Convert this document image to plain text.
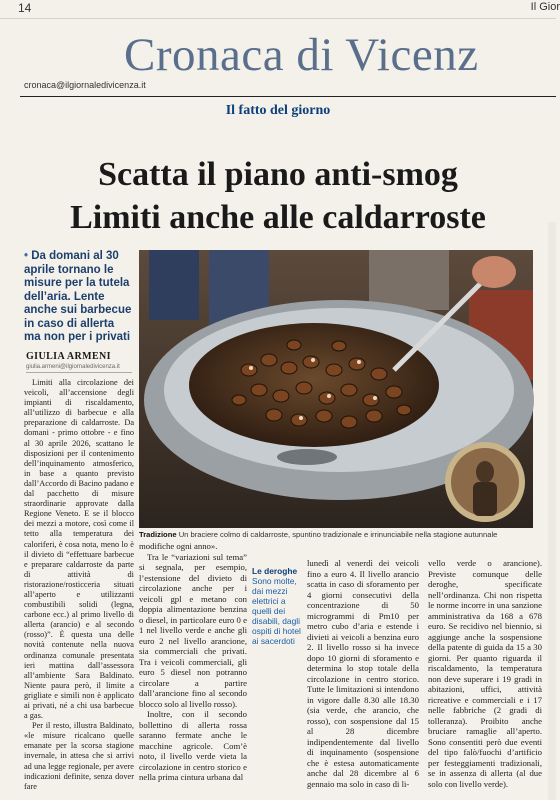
14	Il Gior
Cronaca di Vicenz
cronaca@ilgiornaledivicenza.it
Il fatto del giorno
Scatta il piano anti-smog
Limiti anche alle caldarroste
• Da domani al 30 aprile tornano le misure per la tutela dell’aria. Lente anche sui barbecue in caso di allerta ma non per i privati
GIULIA ARMENI
giulia.armeni@ilgiornaledivicenza.it

Limiti alla circolazione dei veicoli, all’accensione degli impianti di riscaldamento, all’utilizzo di barbecue e alla preparazione di caldarroste. Da domani - primo ottobre - e fino al 30 aprile 2026, scattano le disposizioni per il contenimento dell’inquinamento atmosferico, in base a quanto previsto dall’Accordo di Bacino padano e dal pacchetto di misure straordinarie approvate dalla Regione Veneto. E se il blocco dei mezzi a motore, così come il tetto alla temperatura dei caloriferi, è cosa nota, meno lo è il divieto di “effettuare barbecue e preparare caldarroste da parte di attività di ristorazione/rosticceria situati all’aperto e utilizzanti combustibili solidi (legna, carbone ecc.) al primo livello di allerta (arancio) e al secondo (rosso)”. È questa una delle novità contenute nella nuova ordinanza comunale presentata ieri mattina dall’assessora all’ambiente Sara Baldinato. Niente paura però, il limite a grigliate e simili non è applicato ai privati, né a chi usa barbecue a gas.

Per il resto, illustra Baldinato, «le misure ricalcano quelle emanate per la scorsa stagione invernale, in attesa che si arrivi ad una legge regionale, per avere indicazioni definite, senza dover fare

Tradizione Un braciere colmo di caldarroste, spuntino tradizionale e irrinunciabile nella stagione autunnale

modifiche ogni anno».

Tra le “variazioni sul tema” si segnala, per esempio, l’estensione del divieto di circolazione anche per i veicoli gpl e metano con doppia alimentazione benzina o diesel, in particolare euro 0 e 1 nel livello verde e anche gli euro 2 nel livello arancione, sia commerciali che privati. Tra i veicoli commerciali, gli euro 5 diesel non potranno circolare a partire dall’arancione fino al secondo blocco solo al livello rosso).

Inoltre, con il secondo bollettino di allerta rossa saranno fermate anche le macchine agricole. Com’è noto, il livello verde vieta la circolazione in centro storico e nella prima cintura urbana dal

Le deroghe
Sono molte, dai mezzi elettrici a quelli dei disabili, dagli ospiti di hotel ai sacerdoti

lunedì al venerdì dei veicoli fino a euro 4. Il livello arancio scatta in caso di sforamento per 4 giorni consecutivi della concentrazione di 50 microgrammi di Pm10 per metro cubo d’aria e estende i divieti ai veicoli a benzina euro 2. Il livello rosso si ha invece dopo 10 giorni di sforamento e determina lo stop totale della circolazione in centro storico. Tutte le limitazioni si intendono in vigore dalle 8.30 alle 18.30 (sia verde, che arancio, che rosso), con sospensione dal 15 al 28 dicembre indipendentemente dal livello di inquinamento (sospensione che è estesa automaticamente anche dal 28 dicembre al 6 gennaio ma solo in caso di li-

vello verde o arancione). Previste comunque delle deroghe, specificate nell’ordinanza. Chi non rispetta le norme incorre in una sanzione amministrativa da 168 a 678 euro. Se recidivo nel biennio, si aggiunge anche la sospensione della patente di guida da 15 a 30 giorni. Per quanto riguarda il riscaldamento, la temperatura non deve superare i 19 gradi in abitazioni, uffici, attività ricreative e commerciali e i 17 nelle fabbriche (2 gradi di tolleranza). Proibito anche bruciare ramaglie all’aperto. Sono consentiti però due eventi del tipo falò/fuochi d’artificio per festeggiamenti tradizionali, se in assenza di allerta (al due solo con livello verde).
